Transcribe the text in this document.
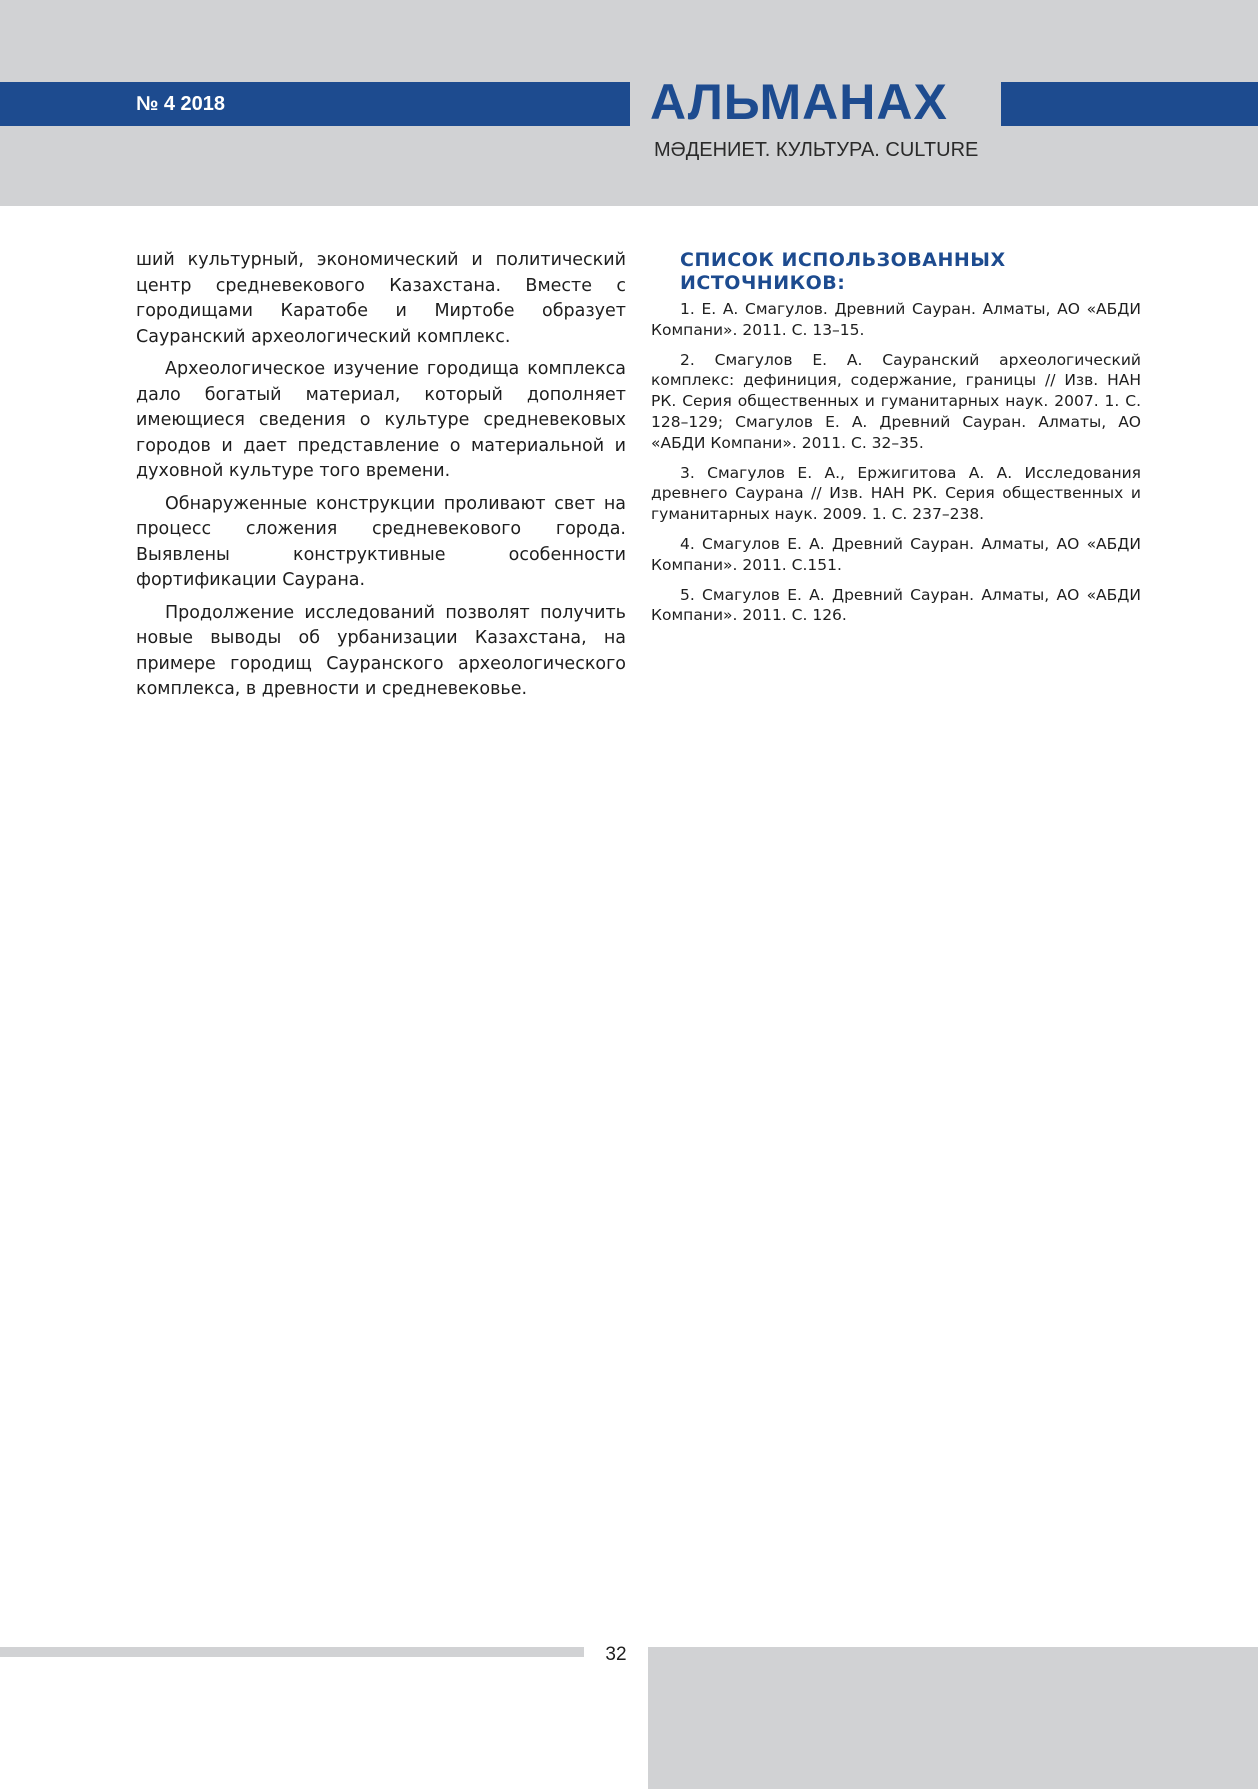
№ 4 2018	АЛЬМАНАХ
МӘДЕНИЕТ. КУЛЬТУРА. CULTURE

ший культурный, экономический и политический центр средневекового Казахстана. Вместе с городищами Каратобе и Миртобе образует Сауранский археологический комплекс.

Археологическое изучение городища комплекса дало богатый материал, который дополняет имеющиеся сведения о культуре средневековых городов и дает представление о материальной и духовной культуре того времени.

Обнаруженные конструкции проливают свет на процесс сложения средневекового города. Выявлены конструктивные особенности фортификации Саурана.

Продолжение исследований позволят получить новые выводы об урбанизации Казахстана, на примере городищ Сауранского археологического комплекса, в древности и средневековье.

СПИСОК ИСПОЛЬЗОВАННЫХ ИСТОЧНИКОВ:

1. Е. А. Смагулов. Древний Сауран. Алматы, АО «АБДИ Компани». 2011. С. 13–15.

2. Смагулов Е. А. Сауранский археологический комплекс: дефиниция, содержание, границы // Изв. НАН РК. Серия общественных и гуманитарных наук. 2007. 1. С. 128–129; Смагулов Е. А. Древний Сауран. Алматы, АО «АБДИ Компани». 2011. С. 32–35.

3. Смагулов Е. А., Ержигитова А. А. Исследования древнего Саурана // Изв. НАН РК. Серия общественных и гуманитарных наук. 2009. 1. С. 237–238.

4. Смагулов Е. А. Древний Сауран. Алматы, АО «АБДИ Компани». 2011. С.151.

5. Смагулов Е. А. Древний Сауран. Алматы, АО «АБДИ Компани». 2011. С. 126.

32
